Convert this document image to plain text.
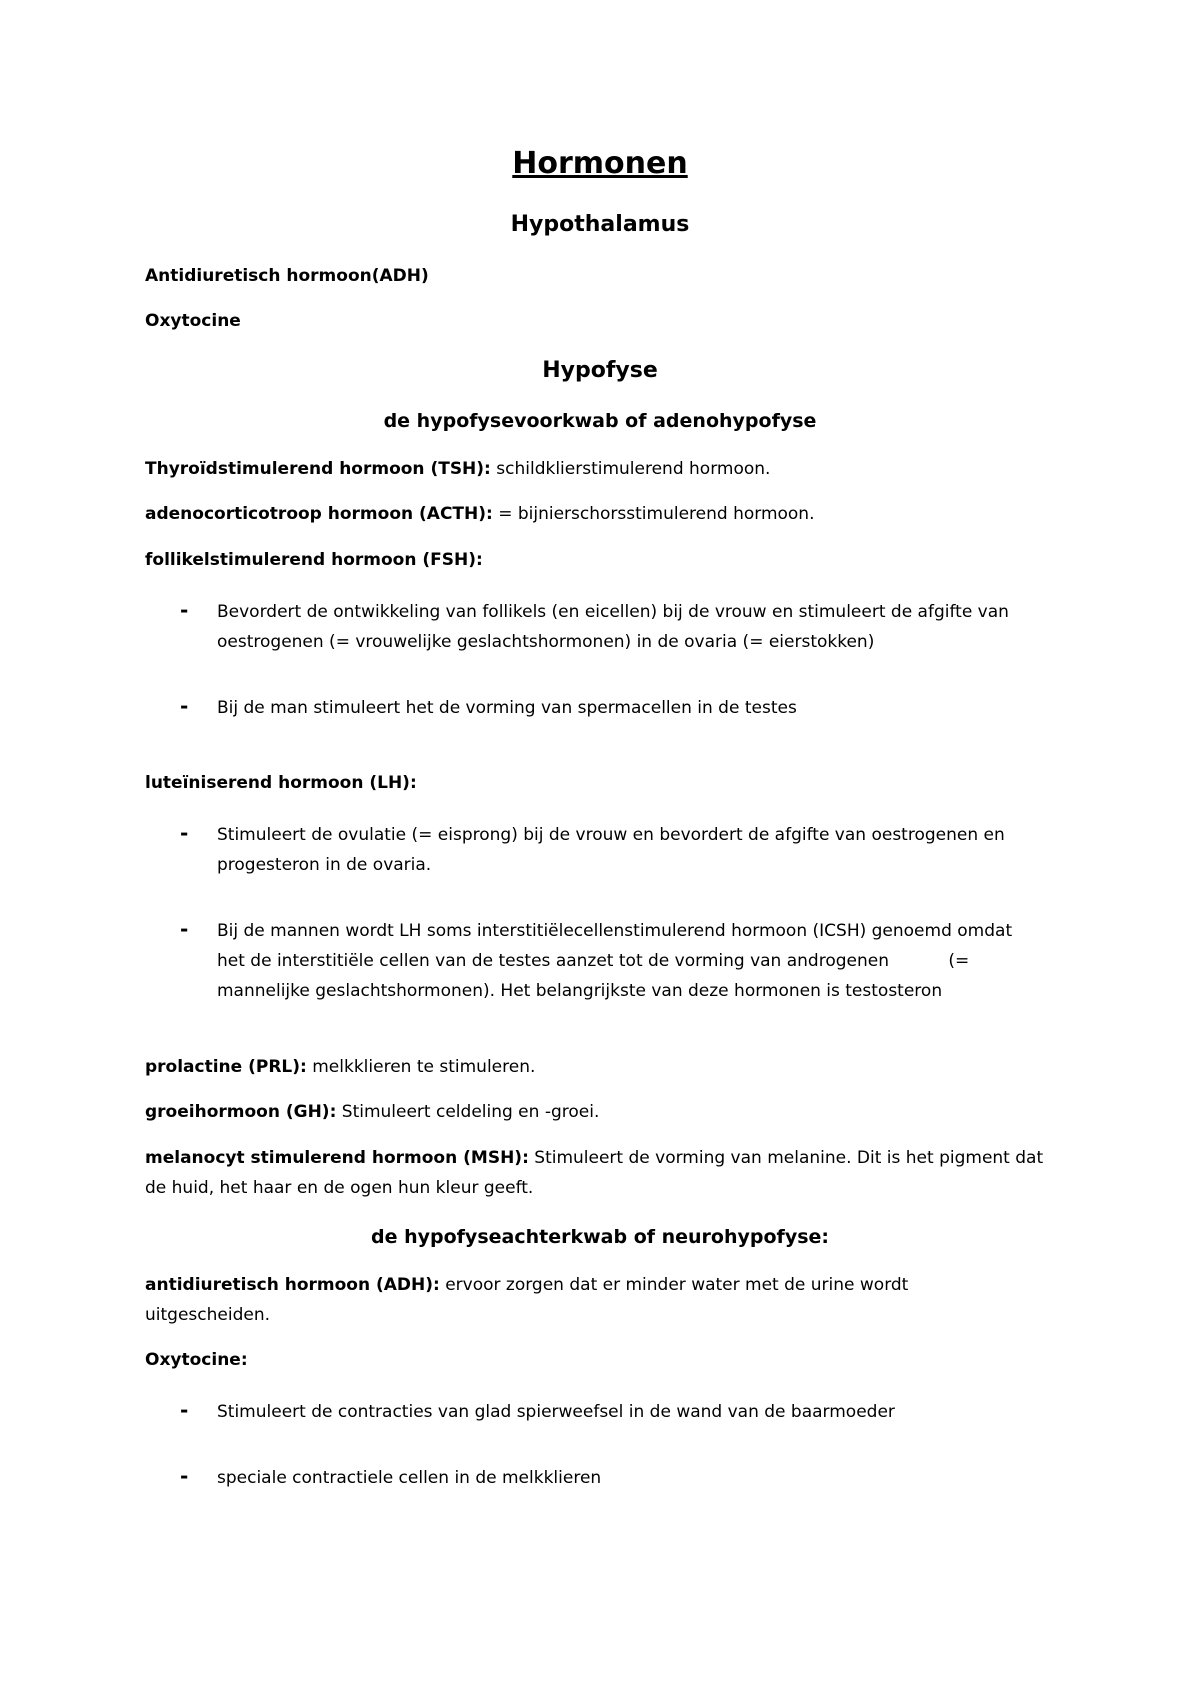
Hormonen
Hypothalamus
Antidiuretisch hormoon(ADH)
Oxytocine
Hypofyse
de hypofysevoorkwab of adenohypofyse
Thyroïdstimulerend hormoon (TSH): schildklierstimulerend hormoon.
adenocorticotroop hormoon (ACTH): = bijnierschorsstimulerend hormoon.
follikelstimulerend hormoon (FSH):
- Bevordert de ontwikkeling van follikels (en eicellen) bij de vrouw en stimuleert de afgifte van
oestrogenen (= vrouwelijke geslachtshormonen) in de ovaria (= eierstokken)
- Bij de man stimuleert het de vorming van spermacellen in de testes
luteïniserend hormoon (LH):
- Stimuleert de ovulatie (= eisprong) bij de vrouw en bevordert de afgifte van oestrogenen en
progesteron in de ovaria.
- Bij de mannen wordt LH soms interstitiëlecellenstimulerend hormoon (ICSH) genoemd omdat
het de interstitiële cellen van de testes aanzet tot de vorming van androgenen           (=
mannelijke geslachtshormonen). Het belangrijkste van deze hormonen is testosteron
prolactine (PRL): melkklieren te stimuleren.
groeihormoon (GH): Stimuleert celdeling en -groei.
melanocyt stimulerend hormoon (MSH): Stimuleert de vorming van melanine. Dit is het pigment dat
de huid, het haar en de ogen hun kleur geeft.
de hypofyseachterkwab of neurohypofyse:
antidiuretisch hormoon (ADH): ervoor zorgen dat er minder water met de urine wordt
uitgescheiden.
Oxytocine:
- Stimuleert de contracties van glad spierweefsel in de wand van de baarmoeder
- speciale contractiele cellen in de melkklieren
